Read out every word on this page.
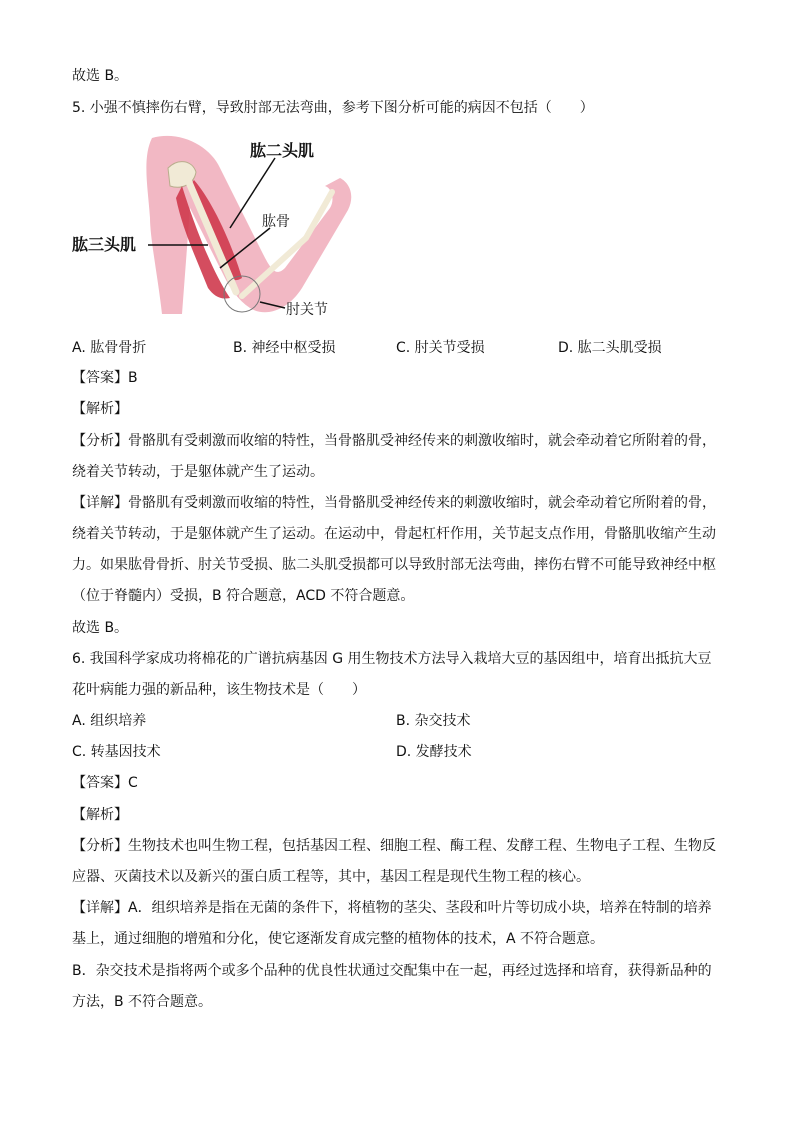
故选 B。
5. 小强不慎摔伤右臂，导致肘部无法弯曲，参考下图分析可能的病因不包括（　　）
肱二头肌
肱骨
肱三头肌
肘关节
A. 肱骨骨折	B. 神经中枢受损	C. 肘关节受损	D. 肱二头肌受损
【答案】B
【解析】
【分析】骨骼肌有受刺激而收缩的特性，当骨骼肌受神经传来的刺激收缩时，就会牵动着它所附着的骨，
绕着关节转动，于是躯体就产生了运动。
【详解】骨骼肌有受刺激而收缩的特性，当骨骼肌受神经传来的刺激收缩时，就会牵动着它所附着的骨，
绕着关节转动，于是躯体就产生了运动。在运动中，骨起杠杆作用，关节起支点作用，骨骼肌收缩产生动
力。如果肱骨骨折、肘关节受损、肱二头肌受损都可以导致肘部无法弯曲，摔伤右臂不可能导致神经中枢
（位于脊髓内）受损，B 符合题意，ACD 不符合题意。
故选 B。
6. 我国科学家成功将棉花的广谱抗病基因 G 用生物技术方法导入栽培大豆的基因组中，培育出抵抗大豆
花叶病能力强的新品种，该生物技术是（　　）
A. 组织培养	B. 杂交技术
C. 转基因技术	D. 发酵技术
【答案】C
【解析】
【分析】生物技术也叫生物工程，包括基因工程、细胞工程、酶工程、发酵工程、生物电子工程、生物反
应器、灭菌技术以及新兴的蛋白质工程等，其中，基因工程是现代生物工程的核心。
【详解】A．组织培养是指在无菌的条件下，将植物的茎尖、茎段和叶片等切成小块，培养在特制的培养
基上，通过细胞的增殖和分化，使它逐渐发育成完整的植物体的技术，A 不符合题意。
B．杂交技术是指将两个或多个品种的优良性状通过交配集中在一起，再经过选择和培育，获得新品种的
方法，B 不符合题意。
